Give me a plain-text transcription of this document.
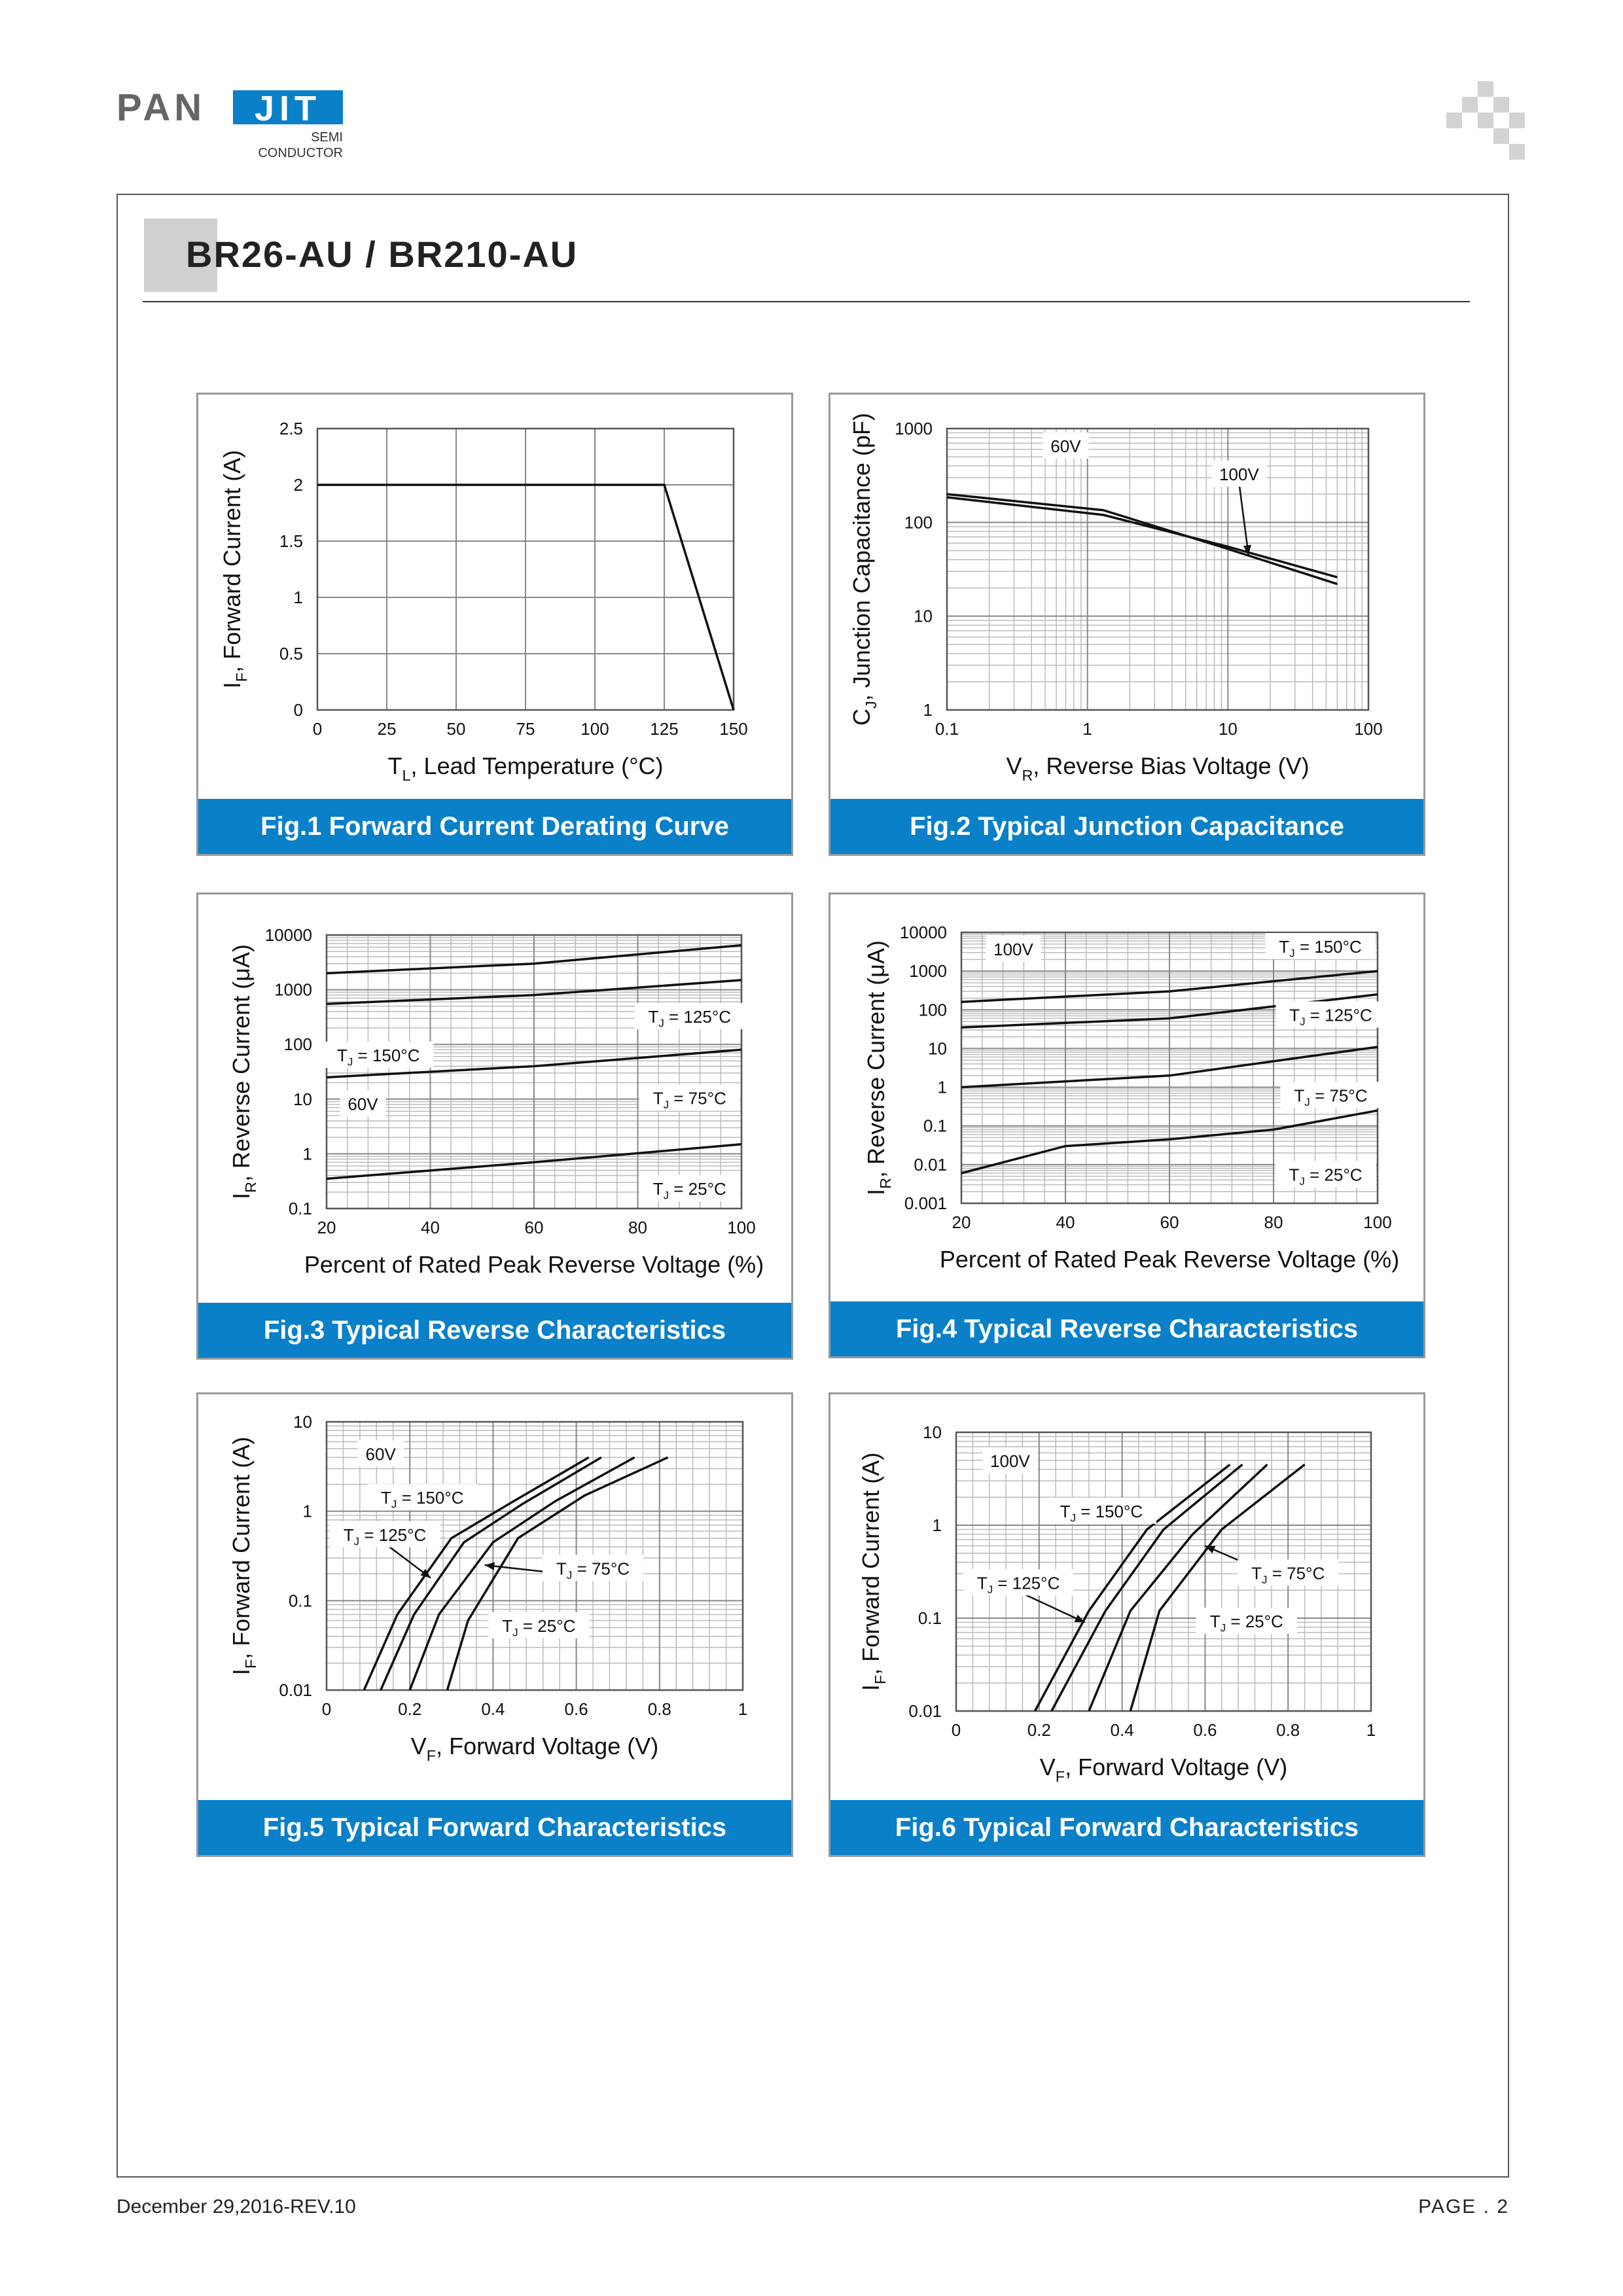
PAN JIT
SEMI
CONDUCTOR
BR26-AU / BR210-AU
0	25	50	75	100 125 150
0
0.5
1
1.5
2
2.5
$T_L$, Lead Temperature (°C)
$I_F$, Forward Current (A)
Fig.1 Forward Current Derating Curve
0.1	1	10	100
1
10
100
1000
$V_R$, Reverse Bias Voltage (V)
$C_J$, Junction Capacitance (pF)	60V
100V
Fig.2 Typical Junction Capacitance
20	40	60	80	100
0.1
1
10
100
1000
10000
Percent of Rated Peak Reverse Voltage (%)
$I_R$, Reverse Current (μA)	$T_J = 150^\circ C$
$T_J = 125^\circ C$
$T_J = 75^\circ C$
60V
$T_J = 25^\circ C$
Fig.3 Typical Reverse Characteristics
20	40	60	80	100
0.001
0.01
0.1
1
10
100
1000
10000
Percent of Rated Peak Reverse Voltage (%)
$I_R$, Reverse Current (μA)	100V	$T_J = 150^\circ C$
$T_J = 125^\circ C$
$T_J = 75^\circ C$
$T_J = 25^\circ C$
Fig.4 Typical Reverse Characteristics
0	0.2	0.4	0.6	0.8	1
0.01
0.1
1
10
$V_F$, Forward Voltage (V)
$I_F$, Forward Current (A)	60V
$T_J = 150^\circ C$
$T_J = 125^\circ C$
$T_J = 75^\circ C$
$T_J = 25^\circ C$
Fig.5 Typical Forward Characteristics
0	0.2	0.4	0.6	0.8	1
0.01
0.1
1
10
$V_F$, Forward Voltage (V)
$I_F$, Forward Current (A)	100V
$T_J = 150^\circ C$
$T_J = 125^\circ C$	$T_J = 75^\circ C$
$T_J = 25^\circ C$
Fig.6 Typical Forward Characteristics
December 29,2016-REV.10	PAGE . 2
